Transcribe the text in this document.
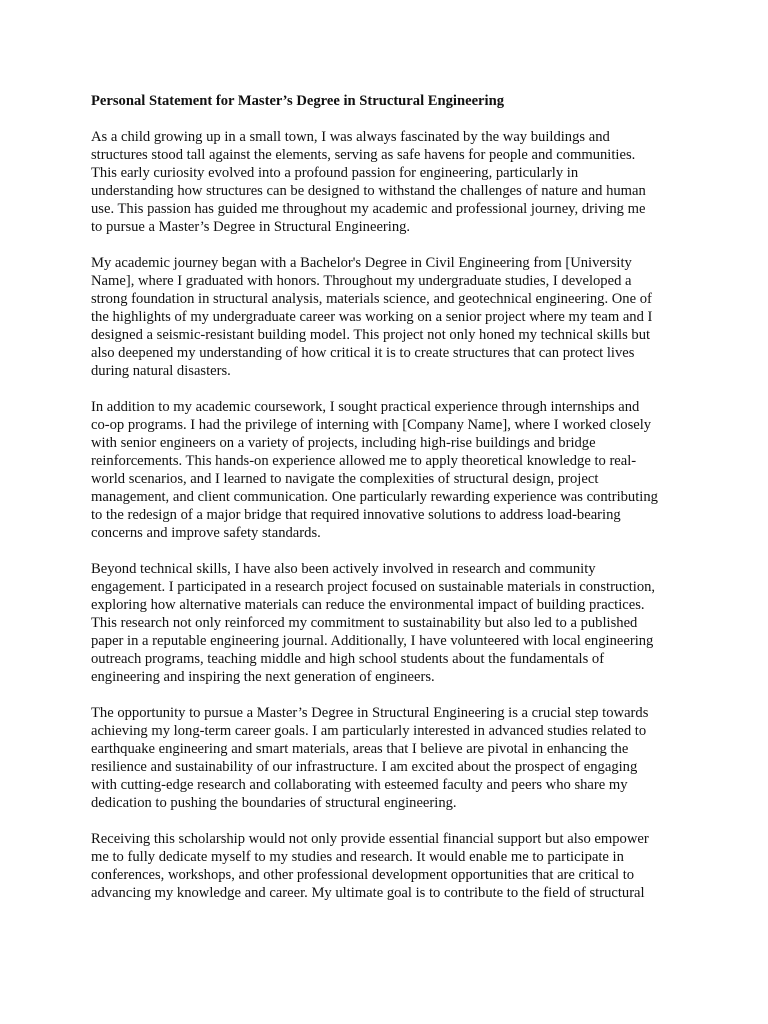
Personal Statement for Master’s Degree in Structural Engineering
As a child growing up in a small town, I was always fascinated by the way buildings and
structures stood tall against the elements, serving as safe havens for people and communities.
This early curiosity evolved into a profound passion for engineering, particularly in
understanding how structures can be designed to withstand the challenges of nature and human
use. This passion has guided me throughout my academic and professional journey, driving me
to pursue a Master’s Degree in Structural Engineering.
My academic journey began with a Bachelor's Degree in Civil Engineering from [University
Name], where I graduated with honors. Throughout my undergraduate studies, I developed a
strong foundation in structural analysis, materials science, and geotechnical engineering. One of
the highlights of my undergraduate career was working on a senior project where my team and I
designed a seismic-resistant building model. This project not only honed my technical skills but
also deepened my understanding of how critical it is to create structures that can protect lives
during natural disasters.
In addition to my academic coursework, I sought practical experience through internships and
co-op programs. I had the privilege of interning with [Company Name], where I worked closely
with senior engineers on a variety of projects, including high-rise buildings and bridge
reinforcements. This hands-on experience allowed me to apply theoretical knowledge to real-
world scenarios, and I learned to navigate the complexities of structural design, project
management, and client communication. One particularly rewarding experience was contributing
to the redesign of a major bridge that required innovative solutions to address load-bearing
concerns and improve safety standards.
Beyond technical skills, I have also been actively involved in research and community
engagement. I participated in a research project focused on sustainable materials in construction,
exploring how alternative materials can reduce the environmental impact of building practices.
This research not only reinforced my commitment to sustainability but also led to a published
paper in a reputable engineering journal. Additionally, I have volunteered with local engineering
outreach programs, teaching middle and high school students about the fundamentals of
engineering and inspiring the next generation of engineers.
The opportunity to pursue a Master’s Degree in Structural Engineering is a crucial step towards
achieving my long-term career goals. I am particularly interested in advanced studies related to
earthquake engineering and smart materials, areas that I believe are pivotal in enhancing the
resilience and sustainability of our infrastructure. I am excited about the prospect of engaging
with cutting-edge research and collaborating with esteemed faculty and peers who share my
dedication to pushing the boundaries of structural engineering.
Receiving this scholarship would not only provide essential financial support but also empower
me to fully dedicate myself to my studies and research. It would enable me to participate in
conferences, workshops, and other professional development opportunities that are critical to
advancing my knowledge and career. My ultimate goal is to contribute to the field of structural
